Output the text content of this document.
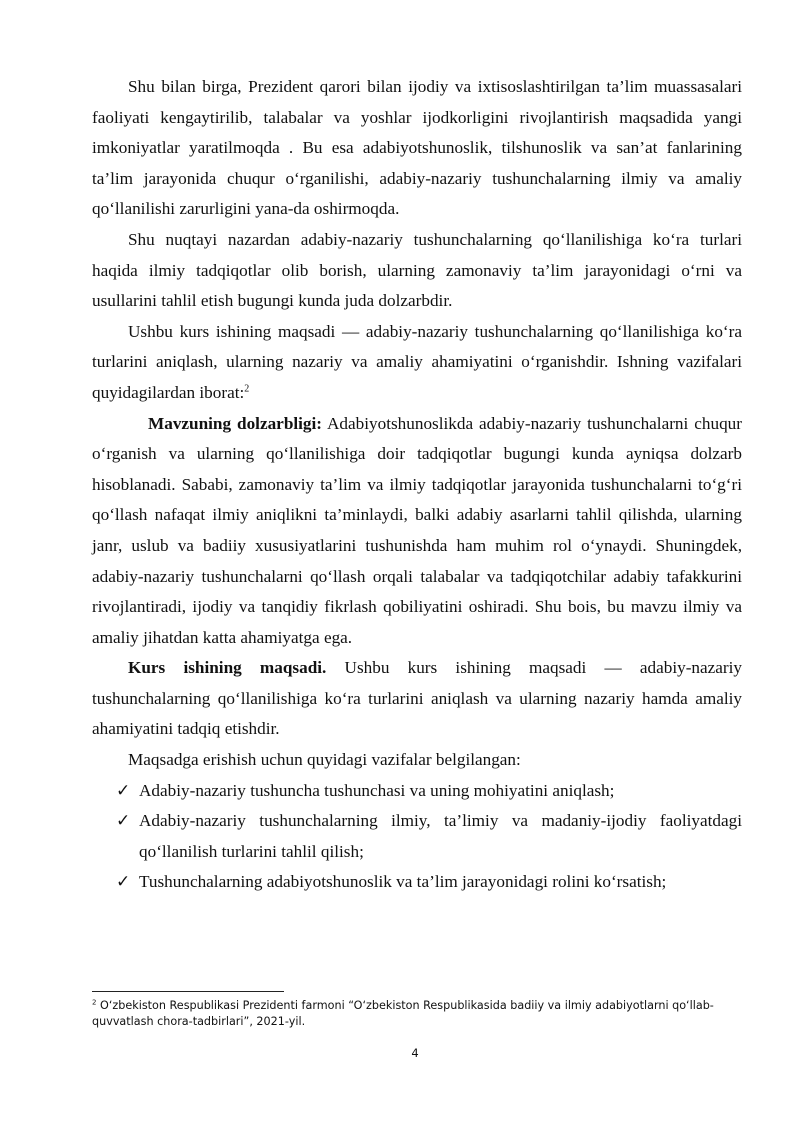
Shu bilan birga, Prezident qarori bilan ijodiy va ixtisoslashtirilgan ta’lim muassasalari faoliyati kengaytirilib, talabalar va yoshlar ijodkorligini rivojlantirish maqsadida yangi imkoniyatlar yaratilmoqda . Bu esa adabiyotshunoslik, tilshunoslik va san’at fanlarining ta’lim jarayonida chuqur o‘rganilishi, adabiy-nazariy tushunchalarning ilmiy va amaliy qo‘llanilishi zarurligini yana-da oshirmoqda.

Shu nuqtayi nazardan adabiy-nazariy tushunchalarning qo‘llanilishiga ko‘ra turlari haqida ilmiy tadqiqotlar olib borish, ularning zamonaviy ta’lim jarayonidagi o‘rni va usullarini tahlil etish bugungi kunda juda dolzarbdir.

Ushbu kurs ishining maqsadi — adabiy-nazariy tushunchalarning qo‘llanilishiga ko‘ra turlarini aniqlash, ularning nazariy va amaliy ahamiyatini o‘rganishdir. Ishning vazifalari quyidagilardan iborat:$^2$

Mavzuning dolzarbligi: Adabiyotshunoslikda adabiy-nazariy tushunchalarni chuqur o‘rganish va ularning qo‘llanilishiga doir tadqiqotlar bugungi kunda ayniqsa dolzarb hisoblanadi. Sababi, zamonaviy ta’lim va ilmiy tadqiqotlar jarayonida tushunchalarni to‘g‘ri qo‘llash nafaqat ilmiy aniqlikni ta’minlaydi, balki adabiy asarlarni tahlil qilishda, ularning janr, uslub va badiiy xususiyatlarini tushunishda ham muhim rol o‘ynaydi. Shuningdek, adabiy-nazariy tushunchalarni qo‘llash orqali talabalar va tadqiqotchilar adabiy tafakkurini rivojlantiradi, ijodiy va tanqidiy fikrlash qobiliyatini oshiradi. Shu bois, bu mavzu ilmiy va amaliy jihatdan katta ahamiyatga ega.

Kurs ishining maqsadi. Ushbu kurs ishining maqsadi — adabiy-nazariy tushunchalarning qo‘llanilishiga ko‘ra turlarini aniqlash va ularning nazariy hamda amaliy ahamiyatini tadqiq etishdir.

Maqsadga erishish uchun quyidagi vazifalar belgilangan:

✓ Adabiy-nazariy tushuncha tushunchasi va uning mohiyatini aniqlash;
✓ Adabiy-nazariy tushunchalarning ilmiy, ta’limiy va madaniy-ijodiy faoliyatdagi qo‘llanilish turlarini tahlil qilish;
✓ Tushunchalarning adabiyotshunoslik va ta’lim jarayonidagi rolini ko‘rsatish;
$^2$ O‘zbekiston Respublikasi Prezidenti farmoni “O‘zbekiston Respublikasida badiiy va ilmiy adabiyotlarni qo‘llab-quvvatlash chora-tadbirlari”, 2021-yil.
4
